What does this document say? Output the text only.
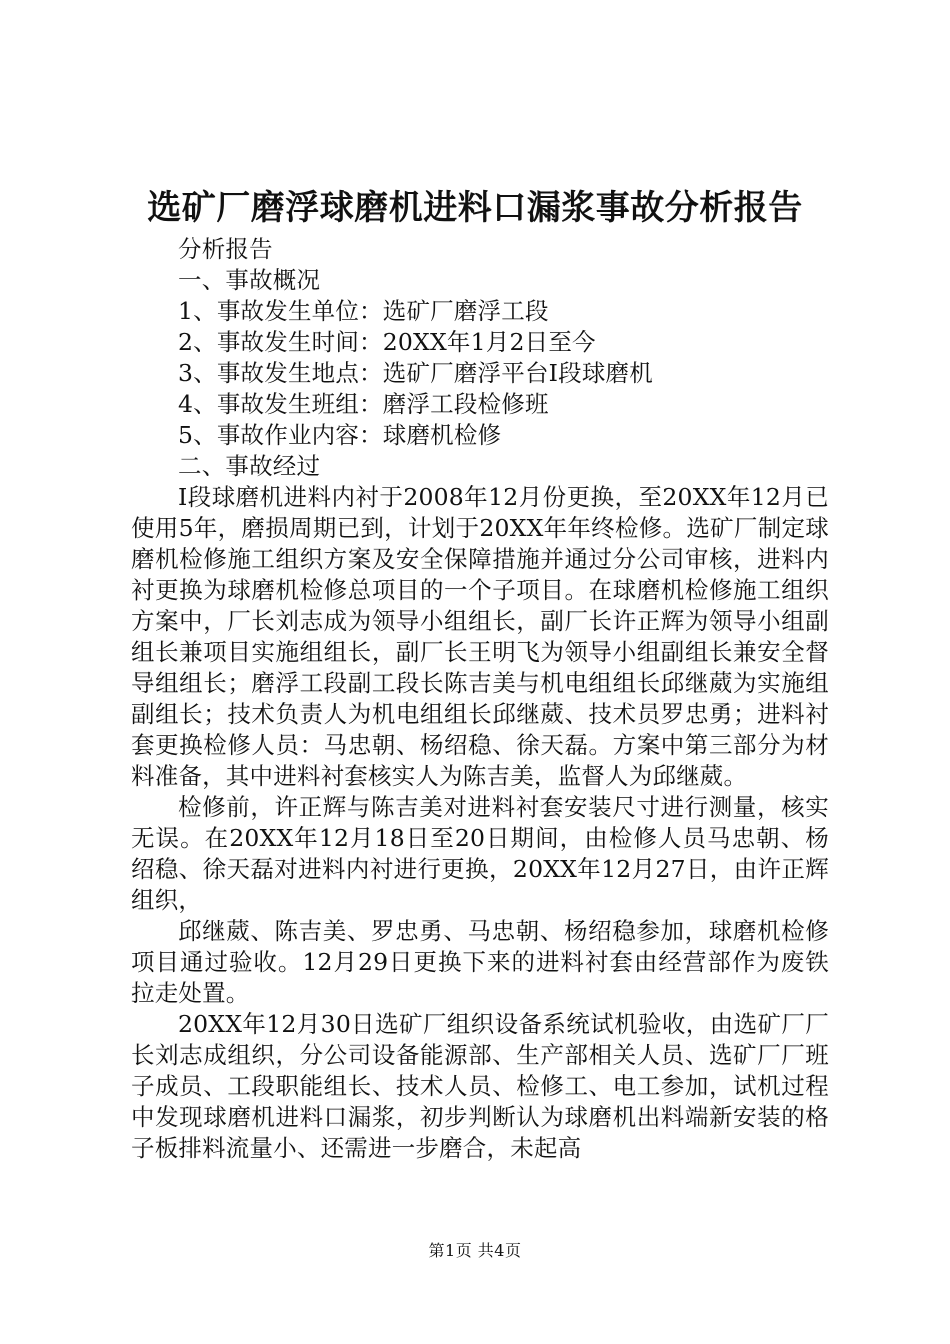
选矿厂磨浮球磨机进料口漏浆事故分析报告

分析报告

一、事故概况

1、事故发生单位：选矿厂磨浮工段

2、事故发生时间：20XX年1月2日至今

3、事故发生地点：选矿厂磨浮平台Ⅰ段球磨机

4、事故发生班组：磨浮工段检修班

5、事故作业内容：球磨机检修

二、事故经过

Ⅰ段球磨机进料内衬于2008年12月份更换，至20XX年12月已使用5年，磨损周期已到，计划于20XX年年终检修。选矿厂制定球磨机检修施工组织方案及安全保障措施并通过分公司审核，进料内衬更换为球磨机检修总项目的一个子项目。在球磨机检修施工组织方案中，厂长刘志成为领导小组组长，副厂长许正辉为领导小组副组长兼项目实施组组长，副厂长王明飞为领导小组副组长兼安全督导组组长；磨浮工段副工段长陈吉美与机电组组长邱继葳为实施组副组长；技术负责人为机电组组长邱继葳、技术员罗忠勇；进料衬套更换检修人员：马忠朝、杨绍稳、徐天磊。方案中第三部分为材料准备，其中进料衬套核实人为陈吉美，监督人为邱继葳。

检修前，许正辉与陈吉美对进料衬套安装尺寸进行测量，核实无误。在20XX年12月18日至20日期间，由检修人员马忠朝、杨绍稳、徐天磊对进料内衬进行更换，20XX年12月27日，由许正辉组织，

邱继葳、陈吉美、罗忠勇、马忠朝、杨绍稳参加，球磨机检修项目通过验收。12月29日更换下来的进料衬套由经营部作为废铁拉走处置。

20XX年12月30日选矿厂组织设备系统试机验收，由选矿厂厂长刘志成组织，分公司设备能源部、生产部相关人员、选矿厂厂班子成员、工段职能组长、技术人员、检修工、电工参加，试机过程中发现球磨机进料口漏浆，初步判断认为球磨机出料端新安装的格子板排料流量小、还需进一步磨合，未起高

第1页 共4页
